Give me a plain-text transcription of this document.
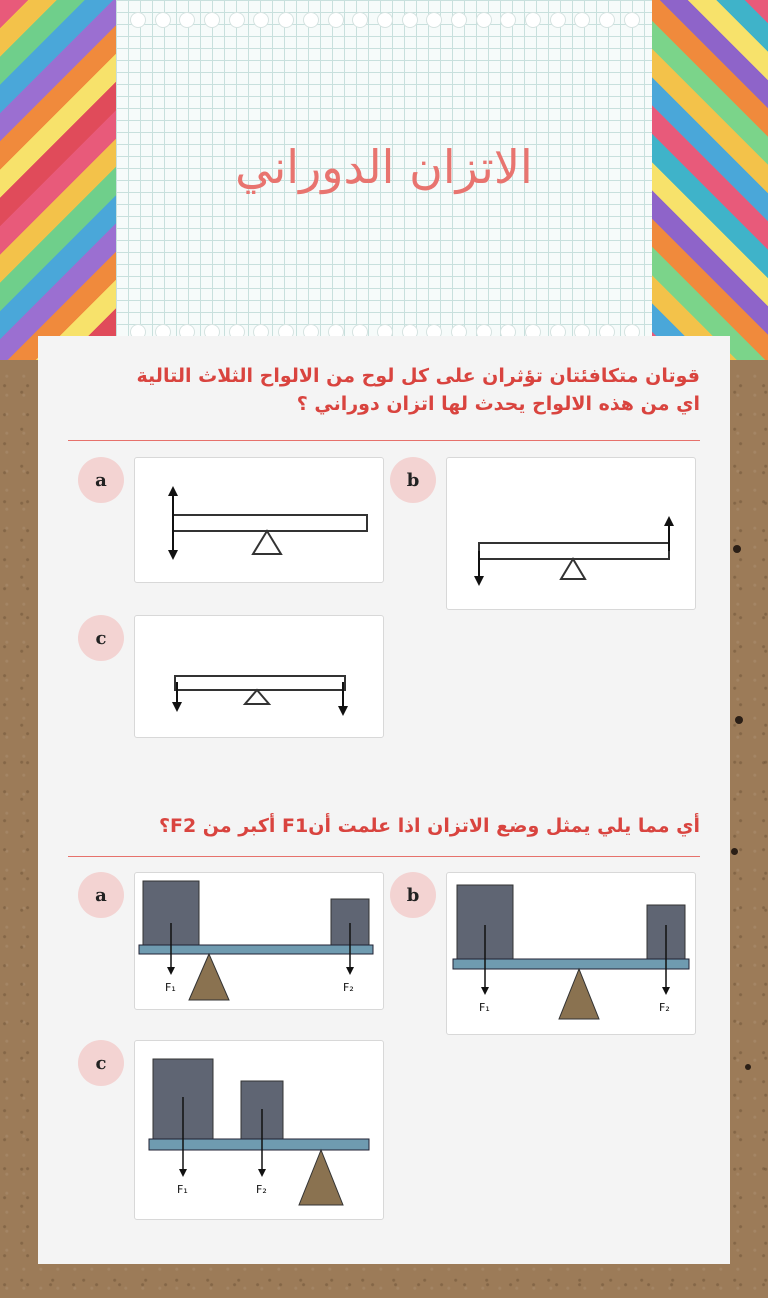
الاتزان الدوراني
قوتان متكافئتان تؤثران على كل لوح من الالواح الثلاث التالية
اي من هذه الالواح يحدث لها اتزان دوراني ؟
a	b
c
أي مما يلي يمثل وضع الاتزان اذا علمت أنF1 أكبر من F2؟
a
F₁	F₂
b
F₁	F₂
c
F₁	F₂
